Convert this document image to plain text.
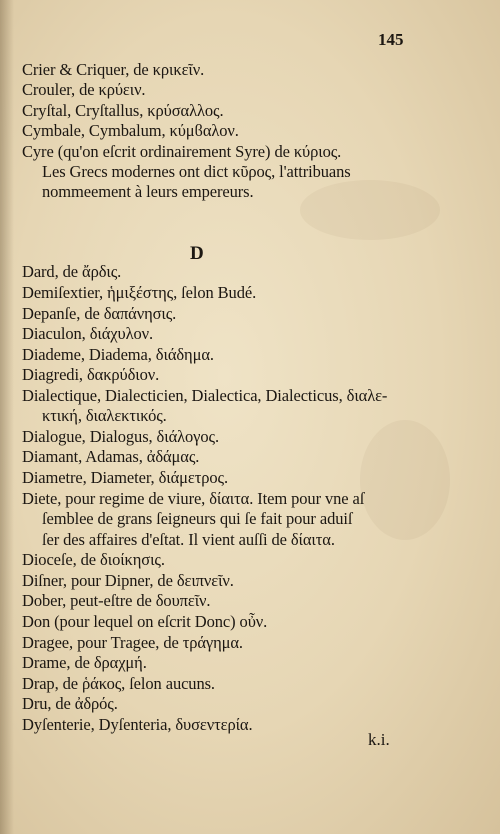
145
Crier & Criquer, de κρικεῖν.
Crouler, de κρύειν.
Cryſtal, Cryſtallus, κρύσαλλος.
Cymbale, Cymbalum, κύμϐαλον.
Cyre (qu'on eſcrit ordinairement Syre) de κύριος.
Les Grecs modernes ont dict κῦρος, l'attribuans
nommeement à leurs empereurs.
D
Dard, de ἄρδις.
Demiſextier, ἡμιξέστης, ſelon Budé.
Depanſe, de δαπάνησις.
Diaculon, διάχυλον.
Diademe, Diadema, διάδημα.
Diagredi, δακρύδιον.
Dialectique, Dialecticien, Dialectica, Dialecticus, διαλε-
κτική, διαλεκτικός.
Dialogue, Dialogus, διάλογος.
Diamant, Adamas, ἀδάμας.
Diametre, Diameter, διάμετρος.
Diete, pour regime de viure, δίαιτα. Item pour vne aſ
ſemblee de grans ſeigneurs qui ſe fait pour aduiſ
ſer des affaires d'eſtat. Il vient auſſi de δίαιτα.
Dioceſe, de διοίκησις.
Diſner, pour Dipner, de δειπνεῖν.
Dober, peut-eſtre de δουπεῖν.
Don (pour lequel on eſcrit Donc) οὖν.
Dragee, pour Tragee, de τράγημα.
Drame, de δραχμή.
Drap, de ῥάκος, ſelon aucuns.
Dru, de ἀδρός.
Dyſenterie, Dyſenteria, δυσεντερία.
k.i.
